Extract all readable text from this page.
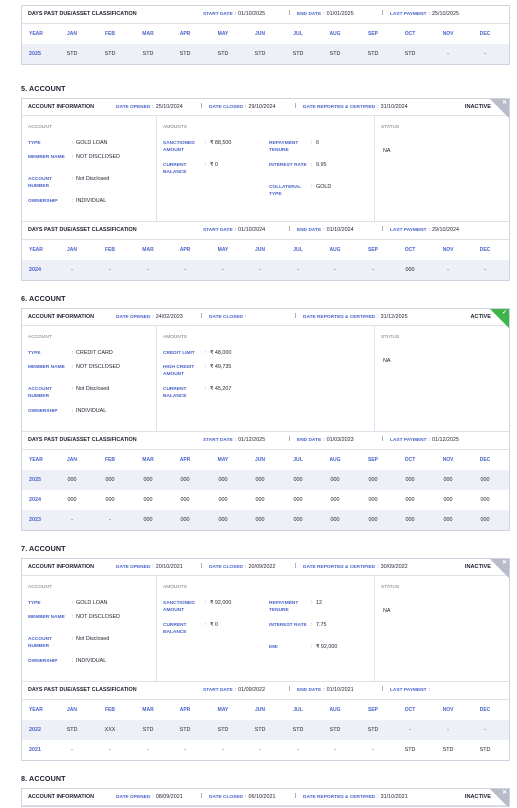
DAYS PAST DUE/ASSET CLASSIFICATION	START DATE : 01/10/2025	| END DATE : 01/01/2025	| LAST PAYMENT : 25/10/2025
YEAR	JAN	FEB	MAR	APR	MAY	JUN	JUL	AUG	SEP	OCT	NOV	DEC
2025	STD	STD	STD	STD	STD	STD	STD	STD	STD	STD	-	-
5. ACCOUNT
ACCOUNT INFORMATION	DATE OPENED : 25/10/2024	| DATE CLOSED : 29/10/2024	| DATE REPORTED & CERTIFIED : 31/10/2024	INACTIVE
✕
ACCOUNT
TYPE	: GOLD LOAN
MEMBER NAME	: NOT DISCLOSED
ACCOUNT NUMBER
: Not Disclosed
OWNERSHIP	: INDIVIDUAL
AMOUNTS
SANCTIONED AMOUNT
: ₹ 88,500
CURRENT BALANCE
: ₹ 0
REPAYMENT TENURE
: 6
INTEREST RATE : 9.95
COLLATERAL TYPE
: GOLD
STATUS
NA
DAYS PAST DUE/ASSET CLASSIFICATION	START DATE : 01/10/2024	| END DATE : 01/10/2024	| LAST PAYMENT : 29/10/2024
YEAR	JAN	FEB	MAR	APR	MAY	JUN	JUL	AUG	SEP	OCT	NOV	DEC
2024	-	-	-	-	-	-	-	-	-	000	-	-
6. ACCOUNT
ACCOUNT INFORMATION	DATE OPENED : 24/02/2023	| DATE CLOSED :	| DATE REPORTED & CERTIFIED : 31/12/2025	ACTIVE
✓
ACCOUNT
TYPE	: CREDIT CARD
MEMBER NAME	: NOT DISCLOSED
ACCOUNT NUMBER
: Not Disclosed
OWNERSHIP	: INDIVIDUAL
AMOUNTS
CREDIT LIMIT	: ₹ 48,000
HIGH CREDIT AMOUNT
: ₹ 49,735
CURRENT BALANCE
: ₹ 45,207
STATUS
NA
DAYS PAST DUE/ASSET CLASSIFICATION	START DATE : 01/12/2025	| END DATE : 01/03/2023	| LAST PAYMENT : 01/12/2025
YEAR	JAN	FEB	MAR	APR	MAY	JUN	JUL	AUG	SEP	OCT	NOV	DEC
2025	000	000	000	000	000	000	000	000	000	000	000	000
2024	000	000	000	000	000	000	000	000	000	000	000	000
2023	-	-	000	000	000	000	000	000	000	000	000	000
7. ACCOUNT
ACCOUNT INFORMATION	DATE OPENED : 20/10/2021	| DATE CLOSED : 20/09/2022	| DATE REPORTED & CERTIFIED : 30/09/2022	INACTIVE
✕
ACCOUNT
TYPE	: GOLD LOAN
MEMBER NAME	: NOT DISCLOSED
ACCOUNT NUMBER
: Not Disclosed
OWNERSHIP	: INDIVIDUAL
AMOUNTS
SANCTIONED AMOUNT
: ₹ 92,000
CURRENT BALANCE
: ₹ 0
REPAYMENT TENURE
: 12
INTEREST RATE : 7.75
EMI	: ₹ 92,000
STATUS
NA
DAYS PAST DUE/ASSET CLASSIFICATION	START DATE : 01/09/2022	| END DATE : 01/10/2021	| LAST PAYMENT :
YEAR	JAN	FEB	MAR	APR	MAY	JUN	JUL	AUG	SEP	OCT	NOV	DEC
2022	STD	XXX	STD	STD	STD	STD	STD	STD	STD	-	-	-
2021	-	-	-	-	-	-	-	-	-	STD	STD	STD
8. ACCOUNT
ACCOUNT INFORMATION	DATE OPENED : 08/09/2021	| DATE CLOSED : 06/10/2021	| DATE REPORTED & CERTIFIED : 31/10/2021	INACTIVE
✕
